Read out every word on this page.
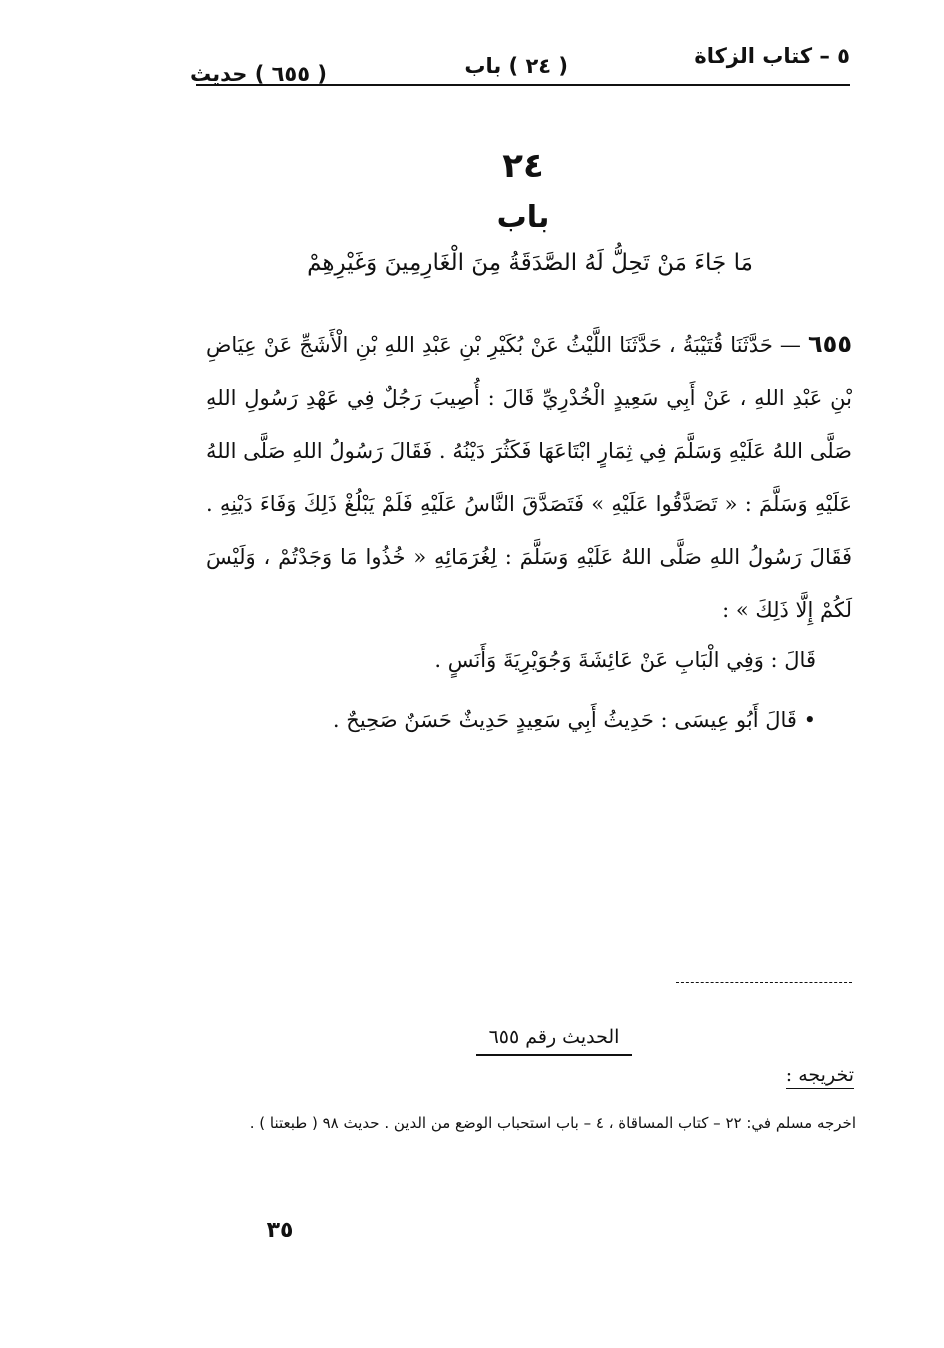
٥ – كتاب الزكاة
( ٢٤ ) باب
( ٦٥٥ ) حديث
٢٤
باب
مَا جَاءَ مَنْ تَحِلُّ لَهُ الصَّدَقَةُ مِنَ الْغَارِمِينَ وَغَيْرِهِمْ
٦٥٥ — حَدَّثَنَا قُتَيْبَةُ ، حَدَّثَنَا اللَّيْثُ عَنْ بُكَيْرِ بْنِ عَبْدِ اللهِ بْنِ الْأَشَجِّ عَنْ عِيَاضِ بْنِ عَبْدِ اللهِ ، عَنْ أَبِي سَعِيدٍ الْخُدْرِيِّ قَالَ : أُصِيبَ رَجُلٌ فِي عَهْدِ رَسُولِ اللهِ صَلَّى اللهُ عَلَيْهِ وَسَلَّمَ فِي ثِمَارٍ ابْتَاعَهَا فَكَثُرَ دَيْنُهُ . فَقَالَ رَسُولُ اللهِ صَلَّى اللهُ عَلَيْهِ وَسَلَّمَ : « تَصَدَّقُوا عَلَيْهِ » فَتَصَدَّقَ النَّاسُ عَلَيْهِ فَلَمْ يَبْلُغْ ذَلِكَ وَفَاءَ دَيْنِهِ . فَقَالَ رَسُولُ اللهِ صَلَّى اللهُ عَلَيْهِ وَسَلَّمَ : لِغُرَمَائِهِ « خُذُوا مَا وَجَدْتُمْ ، وَلَيْسَ لَكُمْ إِلَّا ذَلِكَ » :
قَالَ : وَفِي الْبَابِ عَنْ عَائِشَةَ وَجُوَيْرِيَةَ وَأَنَسٍ .
• قَالَ أَبُو عِيسَى : حَدِيثُ أَبِي سَعِيدٍ حَدِيثٌ حَسَنٌ صَحِيحٌ .
الحديث رقم ٦٥٥
تخريجه :
اخرجه مسلم في: ٢٢ – كتاب المساقاة ، ٤ – باب استحباب الوضع من الدين . حديث ٩٨ ( طبعتنا ) .
٣٥
